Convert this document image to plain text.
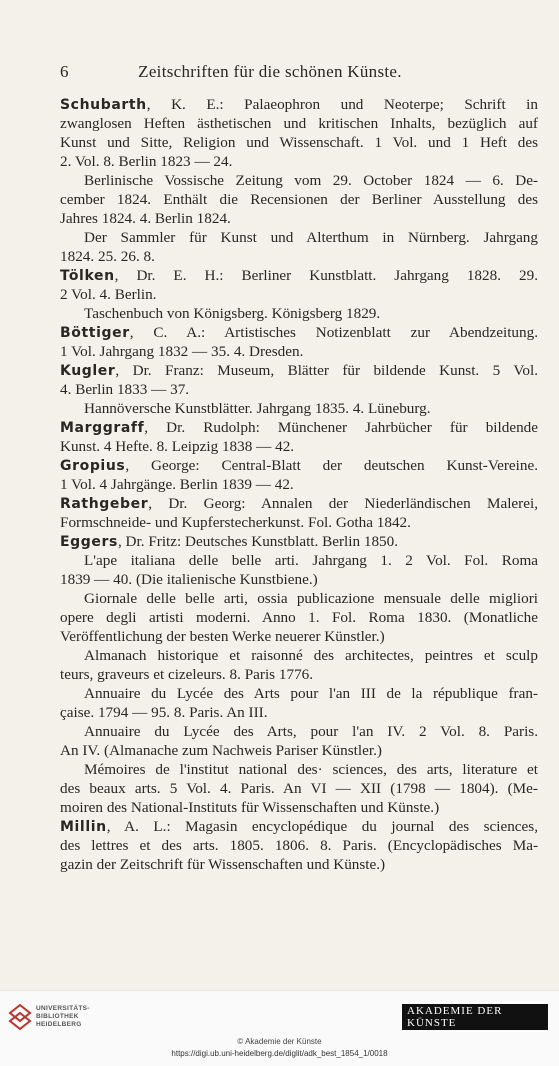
6	Zeitschriften für die schönen Künste.
Schubarth, K. E.: Palaeophron und Neoterpe; Schrift in
zwanglosen Heften ästhetischen und kritischen Inhalts, bezüglich auf
Kunst und Sitte, Religion und Wissenschaft. 1 Vol. und 1 Heft des
2. Vol. 8. Berlin 1823 — 24.
Berlinische Vossische Zeitung vom 29. October 1824 — 6. De-
cember 1824. Enthält die Recensionen der Berliner Ausstellung des
Jahres 1824. 4. Berlin 1824.
Der Sammler für Kunst und Alterthum in Nürnberg. Jahrgang
1824. 25. 26. 8.
Tölken, Dr. E. H.: Berliner Kunstblatt. Jahrgang 1828. 29.
2 Vol. 4. Berlin.
Taschenbuch von Königsberg. Königsberg 1829.
Böttiger, C. A.: Artistisches Notizenblatt zur Abendzeitung.
1 Vol. Jahrgang 1832 — 35. 4. Dresden.
Kugler, Dr. Franz: Museum, Blätter für bildende Kunst. 5 Vol.
4. Berlin 1833 — 37.
Hannöversche Kunstblätter. Jahrgang 1835. 4. Lüneburg.
Marggraff, Dr. Rudolph: Münchener Jahrbücher für bildende
Kunst. 4 Hefte. 8. Leipzig 1838 — 42.
Gropius, George: Central-Blatt der deutschen Kunst-Vereine.
1 Vol. 4 Jahrgänge. Berlin 1839 — 42.
Rathgeber, Dr. Georg: Annalen der Niederländischen Malerei,
Formschneide- und Kupferstecherkunst. Fol. Gotha 1842.
Eggers, Dr. Fritz: Deutsches Kunstblatt. Berlin 1850.
L'ape italiana delle belle arti. Jahrgang 1. 2 Vol. Fol. Roma
1839 — 40. (Die italienische Kunstbiene.)
Giornale delle belle arti, ossia publicazione mensuale delle migliori
opere degli artisti moderni. Anno 1. Fol. Roma 1830. (Monatliche
Veröffentlichung der besten Werke neuerer Künstler.)
Almanach historique et raisonné des architectes, peintres et sculp
teurs, graveurs et cizeleurs. 8. Paris 1776.
Annuaire du Lycée des Arts pour l'an III de la république fran-
çaise. 1794 — 95. 8. Paris. An III.
Annuaire du Lycée des Arts, pour l'an IV. 2 Vol. 8. Paris.
An IV. (Almanache zum Nachweis Pariser Künstler.)
Mémoires de l'institut national des· sciences, des arts, literature et
des beaux arts. 5 Vol. 4. Paris. An VI — XII (1798 — 1804). (Me-
moiren des National-Instituts für Wissenschaften und Künste.)
Millin, A. L.: Magasin encyclopédique du journal des sciences,
des lettres et des arts. 1805. 1806. 8. Paris. (Encyclopädisches Ma-
gazin der Zeitschrift für Wissenschaften und Künste.)
UNIVERSITÄTS-
BIBLIOTHEK
HEIDELBERG
AKADEMIE DER KÜNSTE
© Akademie der Künste
https://digi.ub.uni-heidelberg.de/diglit/adk_best_1854_1/0018
